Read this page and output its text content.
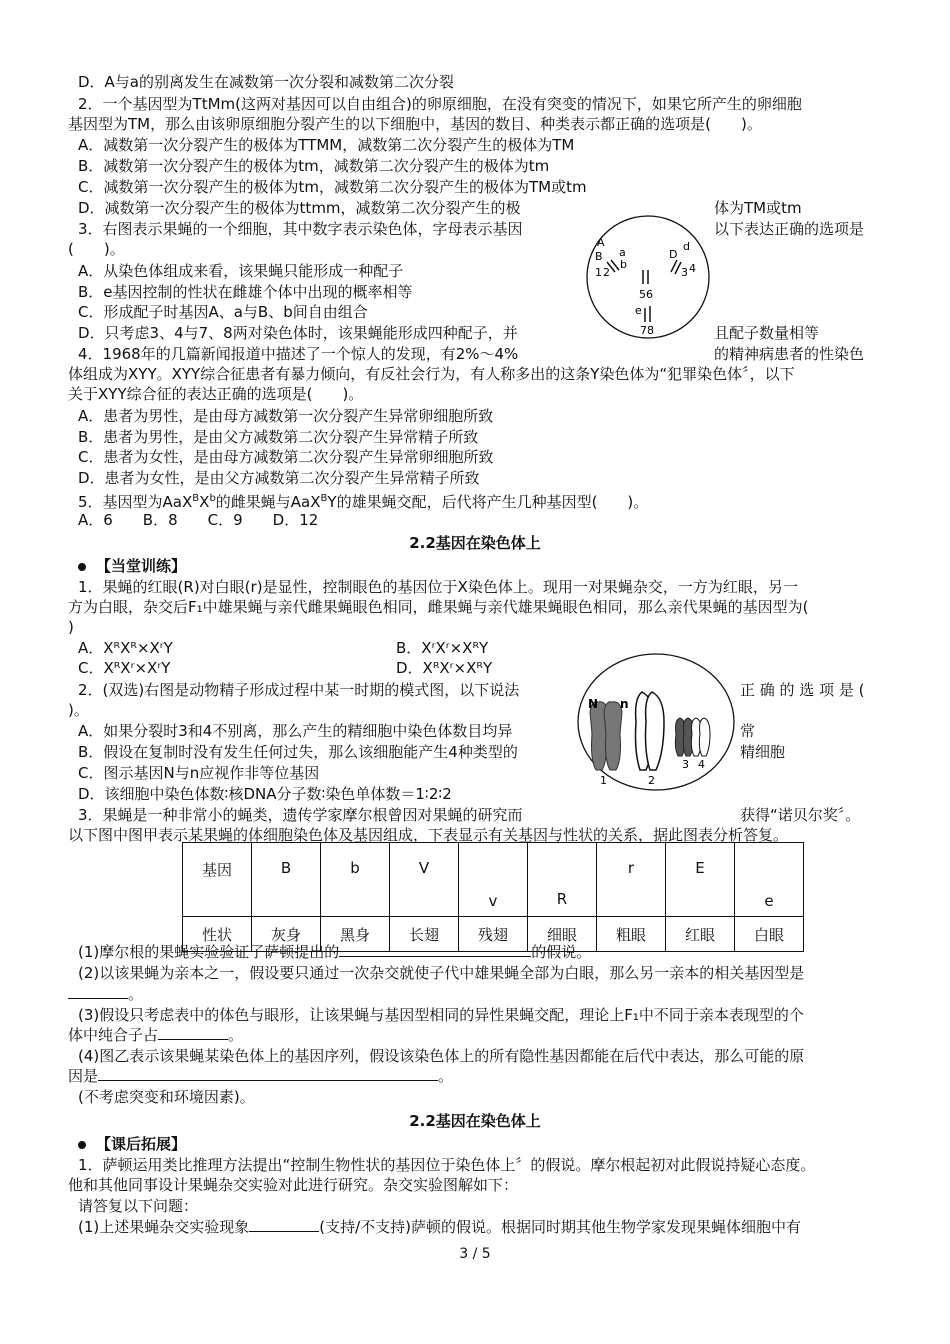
D．A与a的别离发生在减数第一次分裂和减数第二次分裂
2．一个基因型为TtMm(这两对基因可以自由组合)的卵原细胞，在没有突变的情况下，如果它所产生的卵细胞
基因型为TM，那么由该卵原细胞分裂产生的以下细胞中，基因的数目、种类表示都正确的选项是(　　)。
A．减数第一次分裂产生的极体为TTMM，减数第二次分裂产生的极体为TM
B．减数第一次分裂产生的极体为tm，减数第二次分裂产生的极体为tm
C．减数第一次分裂产生的极体为tm，减数第二次分裂产生的极体为TM或tm
D．减数第一次分裂产生的极体为ttmm，减数第二次分裂产生的极	体为TM或tm
3．右图表示果蝇的一个细胞，其中数字表示染色体，字母表示基因	以下表达正确的选项是
(　　)。
A．从染色体组成来看，该果蝇只能形成一种配子
B．e基因控制的性状在雌雄个体中出现的概率相等
C．形成配子时基因A、a与B、b间自由组合
D．只考虑3、4与7、8两对染色体时，该果蝇能形成四种配子，并	且配子数量相等
A
B a
b
d
D
1 2	3 4
56
e
78
4．1968年的几篇新闻报道中描述了一个惊人的发现，有2%～4%	的精神病患者的性染色
体组成为XYY。XYY综合征患者有暴力倾向，有反社会行为，有人称多出的这条Y染色体为“犯罪染色体〞，以下
关于XYY综合征的表达正确的选项是(　　)。
A．患者为男性，是由母方减数第一次分裂产生异常卵细胞所致
B．患者为男性，是由父方减数第二次分裂产生异常精子所致
C．患者为女性，是由母方减数第二次分裂产生异常卵细胞所致
D．患者为女性，是由父方减数第二次分裂产生异常精子所致
5．基因型为$AaX^BX^b$的雌果蝇与AaX$^B$Y的雄果蝇交配，后代将产生几种基因型(　　)。
A．6　　B．8　　C．9　　D．12
2.2基因在染色体上
【当堂训练】
1．果蝇的红眼(R)对白眼(r)是显性，控制眼色的基因位于X染色体上。现用一对果蝇杂交，一方为红眼，另一
方为白眼，杂交后F₁中雄果蝇与亲代雌果蝇眼色相同，雌果蝇与亲代雄果蝇眼色相同，那么亲代果蝇的基因型为(
)
A．XᴿXᴿ×XʳY	B．XʳXʳ×XᴿY
C．XᴿXʳ×XʳY	D．XᴿXʳ×XᴿY
N n
1	2
3 4
2．(双选)右图是动物精子形成过程中某一时期的模式图，以下说法	正 确 的 选 项 是 (
)。
A．如果分裂时3和4不别离，那么产生的精细胞中染色体数目均异	常
B．假设在复制时没有发生任何过失，那么该细胞能产生4种类型的	精细胞
C．图示基因N与n应视作非等位基因
D．该细胞中染色体数∶核DNA分子数∶染色单体数＝1∶2∶2
3．果蝇是一种非常小的蝇类，遗传学家摩尔根曾因对果蝇的研究而	获得“诺贝尔奖〞。
以下图中图甲表示某果蝇的体细胞染色体及基因组成，下表显示有关基因与性状的关系，据此图表分析答复。
基因	B	b	V	v	R	r	E	e
性状	灰身	黑身	长翅	残翅	细眼	粗眼	红眼	白眼
(1)摩尔根的果蝇实验验证了萨顿提出的	的假说。
(2)以该果蝇为亲本之一，假设要只通过一次杂交就使子代中雄果蝇全部为白眼，那么另一亲本的相关基因型是
。
(3)假设只考虑表中的体色与眼形，让该果蝇与基因型相同的异性果蝇交配，理论上F₁中不同于亲本表现型的个
体中纯合子占	。
(4)图乙表示该果蝇某染色体上的基因序列，假设该染色体上的所有隐性基因都能在后代中表达，那么可能的原
因是	。
(不考虑突变和环境因素)。
2.2基因在染色体上
【课后拓展】
1．萨顿运用类比推理方法提出“控制生物性状的基因位于染色体上〞的假说。摩尔根起初对此假说持疑心态度。
他和其他同事设计果蝇杂交实验对此进行研究。杂交实验图解如下：
请答复以下问题：
(1)上述果蝇杂交实验现象	(支持/不支持)萨顿的假说。根据同时期其他生物学家发现果蝇体细胞中有
3 / 5
